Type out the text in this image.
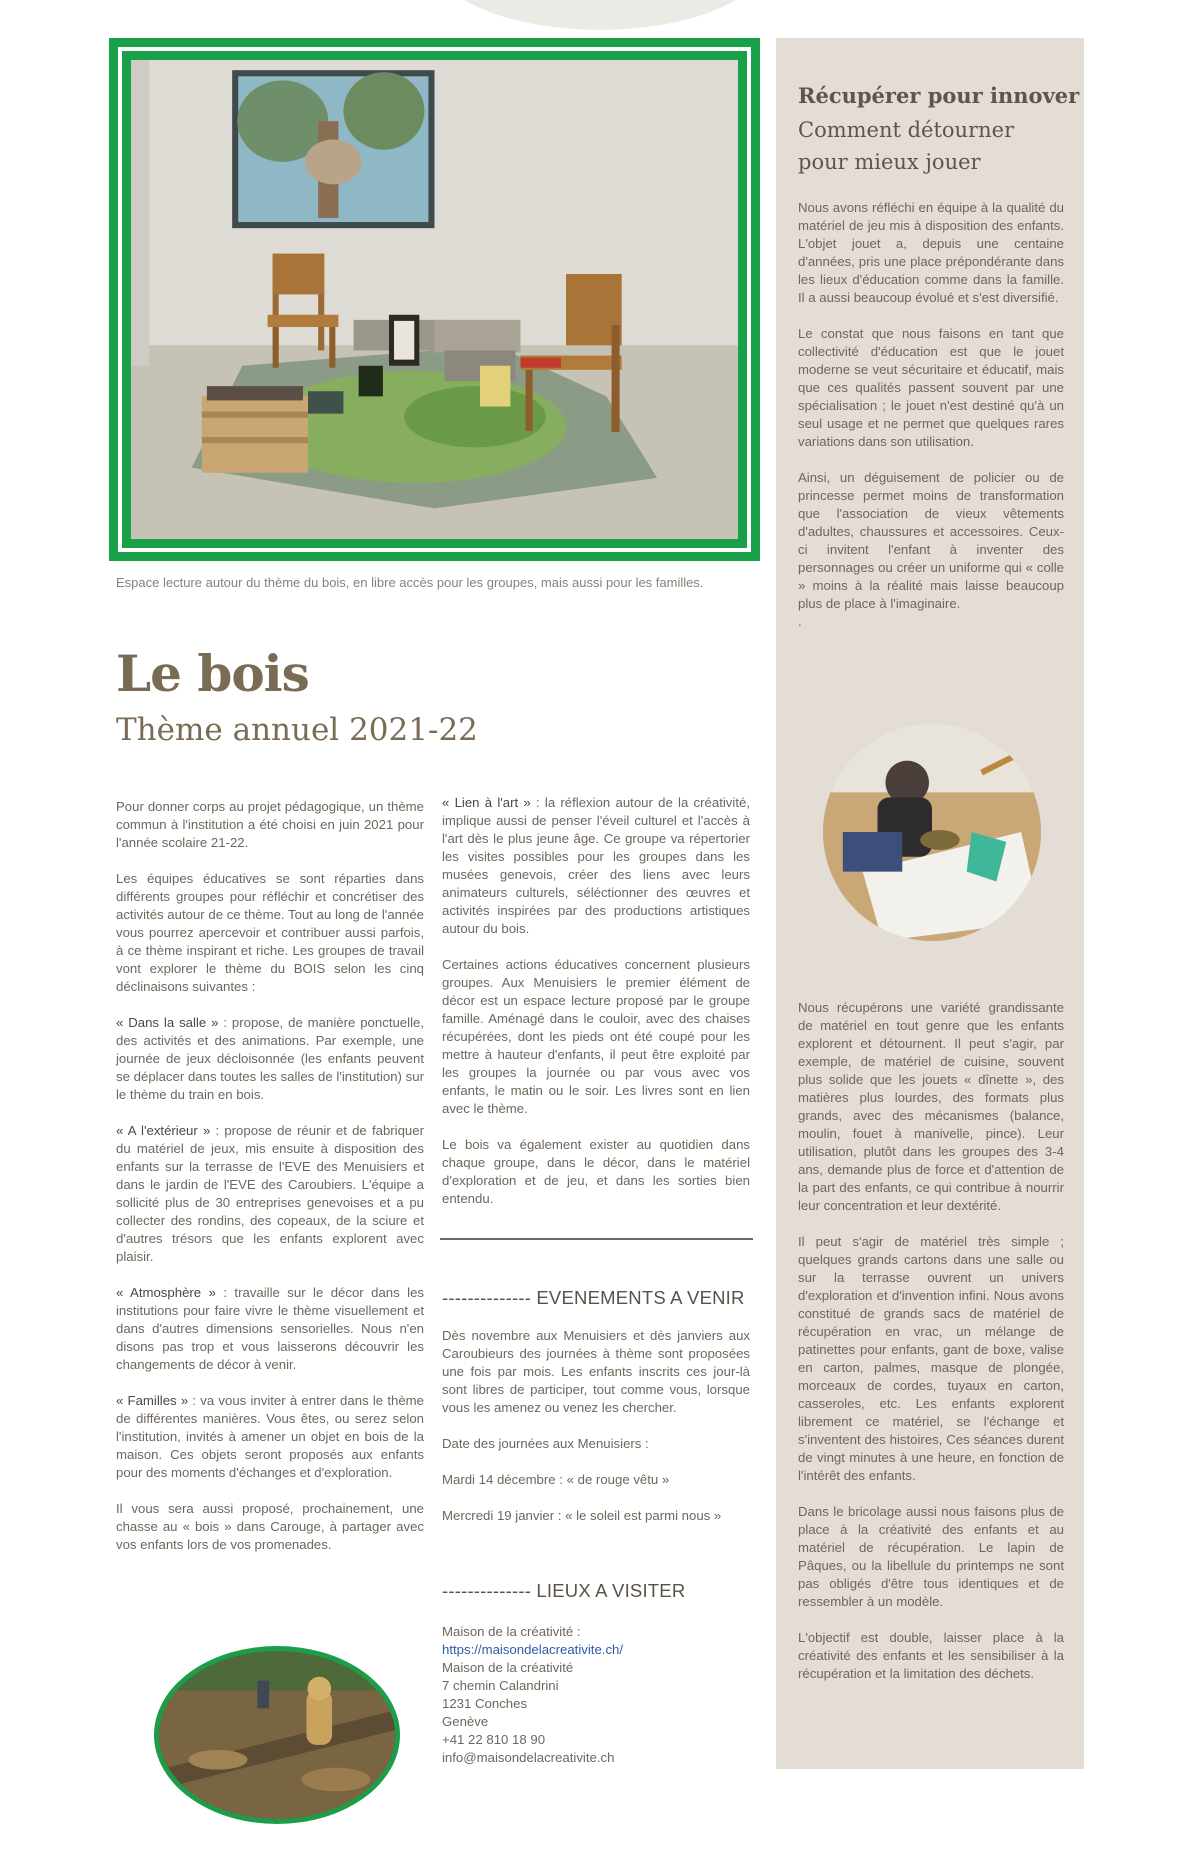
Espace lecture autour du thème du bois, en libre accès pour les groupes, mais aussi pour les familles.
Le bois
Thème annuel 2021-22

Pour donner corps au projet pédagogique, un thème commun à l'institution a été choisi en juin 2021 pour l'année scolaire 21-22.

Les équipes éducatives se sont réparties dans différents groupes pour réfléchir et concrétiser des activités autour de ce thème. Tout au long de l'année vous pourrez apercevoir et contribuer aussi parfois, à ce thème inspirant et riche. Les groupes de travail vont explorer le thème du BOIS selon les cinq déclinaisons suivantes :

« Dans la salle » : propose, de manière ponctuelle, des activités et des animations. Par exemple, une journée de jeux décloisonnée (les enfants peuvent se déplacer dans toutes les salles de l'institution) sur le thème du train en bois.

« A l'extérieur » : propose de réunir et de fabriquer du matériel de jeux, mis ensuite à disposition des enfants sur la terrasse de l'EVE des Menuisiers et dans le jardin de l'EVE des Caroubiers. L'équipe a sollicité plus de 30 entreprises genevoises et a pu collecter des rondins, des copeaux, de la sciure et d'autres trésors que les enfants explorent avec plaisir.

« Atmosphère » : travaille sur le décor dans les institutions pour faire vivre le thème visuellement et dans d'autres dimensions sensorielles. Nous n'en disons pas trop et vous laisserons découvrir les changements de décor à venir.

« Familles » : va vous inviter à entrer dans le thème de différentes manières. Vous êtes, ou serez selon l'institution, invités à amener un objet en bois de la maison. Ces objets seront proposés aux enfants pour des moments d'échanges et d'exploration.

Il vous sera aussi proposé, prochainement, une chasse au « bois » dans Carouge, à partager avec vos enfants lors de vos promenades.

« Lien à l'art » : la réflexion autour de la créativité, implique aussi de penser l'éveil culturel et l'accès à l'art dès le plus jeune âge. Ce groupe va répertorier les visites possibles pour les groupes dans les musées genevois, créer des liens avec leurs animateurs culturels, séléctionner des œuvres et activités inspirées par des productions artistiques autour du bois.

Certaines actions éducatives concernent plusieurs groupes. Aux Menuisiers le premier élément de décor est un espace lecture proposé par le groupe famille. Aménagé dans le couloir, avec des chaises récupérées, dont les pieds ont été coupé pour les mettre à hauteur d'enfants, il peut être exploité par les groupes la journée ou par vous avec vos enfants, le matin ou le soir. Les livres sont en lien avec le thème.

Le bois va également exister au quotidien dans chaque groupe, dans le décor, dans le matériel d'exploration et de jeu, et dans les sorties bien entendu.

-------------- EVENEMENTS A VENIR

Dès novembre aux Menuisiers et dès janviers aux Caroubieurs des journées à thème sont proposées une fois par mois. Les enfants inscrits ces jour-là sont libres de participer, tout comme vous, lorsque vous les amenez ou venez les chercher.

Date des journées aux Menuisiers :

Mardi 14 décembre : « de rouge vêtu »

Mercredi 19 janvier : « le soleil est parmi nous »

-------------- LIEUX A VISITER
Maison de la créativité :
https://maisondelacreativite.ch/
Maison de la créativité
7 chemin Calandrini
1231 Conches
Genève
+41 22 810 18 90
info@maisondelacreativite.ch
Récupérer pour innover
Comment détourner pour mieux jouer

Nous avons réfléchi en équipe à la qualité du matériel de jeu mis à disposition des enfants. L'objet jouet a, depuis une centaine d'années, pris une place prépondérante dans les lieux d'éducation comme dans la famille. Il a aussi beaucoup évolué et s'est diversifié.

Le constat que nous faisons en tant que collectivité d'éducation est que le jouet moderne se veut sécuritaire et éducatif, mais que ces qualités passent souvent par une spécialisation ; le jouet n'est destiné qu'à un seul usage et ne permet que quelques rares variations dans son utilisation.

Ainsi, un déguisement de policier ou de princesse permet moins de transformation que l'association de vieux vêtements d'adultes, chaussures et accessoires. Ceux-ci invitent l'enfant à inventer des personnages ou créer un uniforme qui « colle » moins à la réalité mais laisse beaucoup plus de place à l'imaginaire.

.

Nous récupérons une variété grandissante de matériel en tout genre que les enfants explorent et détournent. Il peut s'agir, par exemple, de matériel de cuisine, souvent plus solide que les jouets « dînette », des matières plus lourdes, des formats plus grands, avec des mécanismes (balance, moulin, fouet à manivelle, pince). Leur utilisation, plutôt dans les groupes des 3-4 ans, demande plus de force et d'attention de la part des enfants, ce qui contribue à nourrir leur concentration et leur dextérité.

Il peut s'agir de matériel très simple ; quelques grands cartons dans une salle ou sur la terrasse ouvrent un univers d'exploration et d'invention infini. Nous avons constitué de grands sacs de matériel de récupération en vrac, un mélange de patinettes pour enfants, gant de boxe, valise en carton, palmes, masque de plongée, morceaux de cordes, tuyaux en carton, casseroles, etc. Les enfants explorent librement ce matériel, se l'échange et s'inventent des histoires, Ces séances durent de vingt minutes à une heure, en fonction de l'intérêt des enfants.

Dans le bricolage aussi nous faisons plus de place à la créativité des enfants et au matériel de récupération. Le lapin de Pâques, ou la libellule du printemps ne sont pas obligés d'être tous identiques et de ressembler à un modèle.

L'objectif est double, laisser place à la créativité des enfants et les sensibiliser à la récupération et la limitation des déchets.
